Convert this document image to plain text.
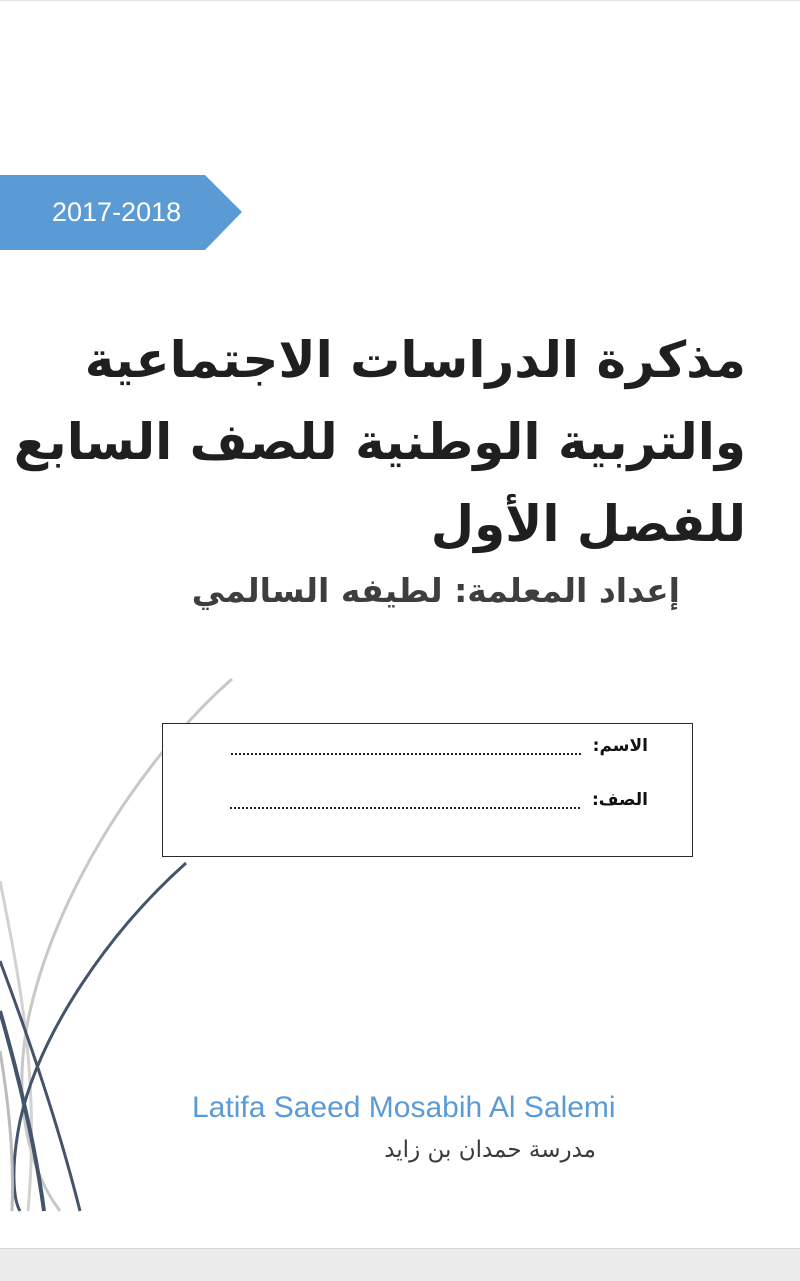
2017-2018
مذكرة الدراسات الاجتماعية
والتربية الوطنية للصف السابع
للفصل الأول
إعداد المعلمة: لطيفه السالمي
الاسم:
الصف:
Latifa Saeed Mosabih Al Salemi
مدرسة حمدان بن زايد
